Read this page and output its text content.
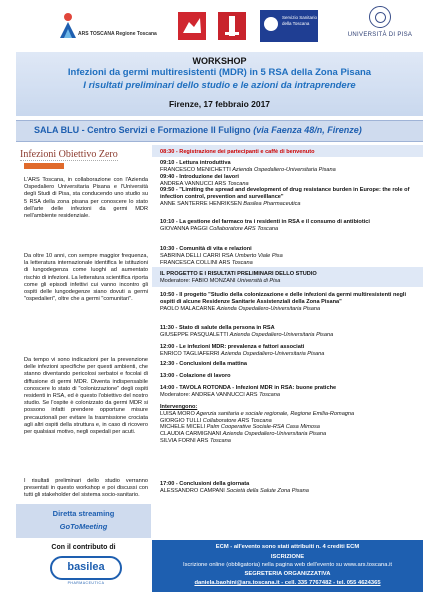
ARS TOSCANA Regione Toscana
Servizio Sanitario della Toscana
UNIVERSITÀ DI PISA
WORKSHOP
Infezioni da germi multiresistenti (MDR) in 5 RSA della Zona Pisana
I risultati preliminari dello studio e le azioni da intraprendere
Firenze, 17 febbraio 2017
SALA BLU - Centro Servizi e Formazione Il Fuligno (via Faenza 48/n, Firenze)
Infezioni Obiettivo Zero
L'ARS Toscana, in collaborazione con l'Azienda Ospedaliero Universitaria Pisana e l'Università degli Studi di Pisa, sta conducendo uno studio su 5 RSA della zona pisana per conoscere lo stato dell'arte delle infezioni da germi MDR nell'ambiente residenziale.
Da oltre 10 anni, con sempre maggior frequenza, la letteratura internazionale identifica le istituzioni di lungodegenza come luoghi ad aumentato rischio di infezioni. La letteratura scientifica riporta come gli episodi infettivi cui vanno incontro gli ospiti delle lungodegenze siano dovuti a germi "ospedalieri", oltre che a germi "comunitari".
Da tempo vi sono indicazioni per la prevenzione delle infezioni specifiche per questi ambienti, che stanno diventando pericolosi serbatoi e focolai di diffusione di germi MDR. Diventa indispensabile conoscere lo stato di "colonizzazione" degli ospiti residenti in RSA, ed è questo l'obiettivo del nostro studio. Se l'ospite è colonizzato da germi MDR si possono infatti prendere opportune misure precauzionali per evitare la trasmissione crociata agli altri ospiti della struttura e, in caso di ricovero per qualsiasi motivo, negli ospedali per acuti.
I risultati preliminari dello studio verranno presentati in questo workshop e poi discussi con tutti gli stakeholder del sistema socio-sanitario.
Diretta streaming
GoToMeeting
Con il contributo di
basilea
PHARMACEUTICA
08:30 - Registrazione dei partecipanti e caffè di benvenuto
09:10 - Lettura introduttiva
FRANCESCO MENICHETTI Azienda Ospedaliero-Universitaria Pisana
09:40 - Introduzione dei lavori
ANDREA VANNUCCI ARS Toscana
09:50 - "Limiting the spread and development of drug resistance burden in Europe: the role of infection control, prevention and surveillance"
ANNE SANTERRE HENRIKSEN Basilea Pharmaceutica
10:10 - La gestione del farmaco tra i residenti in RSA e il consumo di antibiotici
GIOVANNA PAGGI Collaboratore ARS Toscana
10:30 - Comunità di vita e relazioni
SABRINA DELLI CARRI RSA Umberto Viale Pisa
FRANCESCA COLLINI ARS Toscana
IL PROGETTO E I RISULTATI PRELIMINARI DELLO STUDIO
Moderatore: FABIO MONZANI Università di Pisa
10:50 - Il progetto "Studio della colonizzazione e delle infezioni da germi multiresistenti negli ospiti di alcune Residenze Sanitarie Assistenziali della Zona Pisana"
PAOLO MALACARNE Azienda Ospedaliero-Universitaria Pisana
11:30 - Stato di salute della persona in RSA
GIUSEPPE PASQUALETTI Azienda Ospedaliero-Universitaria Pisana
12:00 - Le infezioni MDR: prevalenza e fattori associati
ENRICO TAGLIAFERRI Azienda Ospedaliero-Universitaria Pisana
12:30 - Conclusioni della mattina
13:00 - Colazione di lavoro
14:00 - TAVOLA ROTONDA - Infezioni MDR in RSA: buone pratiche
Moderatore: ANDREA VANNUCCI ARS Toscana
Intervengono:
LUISA MORO Agenzia sanitaria e sociale regionale, Regione Emilia-Romagna
GIORGIO TULLI Collaboratore ARS Toscana
MICHELE MICELI Palm Cooperative Sociale-RSA Casa Mimosa
CLAUDIA CARMIGNANI Azienda Ospedaliero-Universitaria Pisana
SILVIA FORNI ARS Toscana
17:00 - Conclusioni della giornata
ALESSANDRO CAMPANI Società della Salute Zona Pisana
ECM - all'evento sono stati attribuiti n. 4 crediti ECM
ISCRIZIONE
Iscrizione online (obbligatoria) nella pagina web dell'evento su www.ars.toscana.it
SEGRETERIA ORGANIZZATIVA
daniela.baohini@ars.toscana.it - cell. 335 7767482 - tel. 055 4624365
